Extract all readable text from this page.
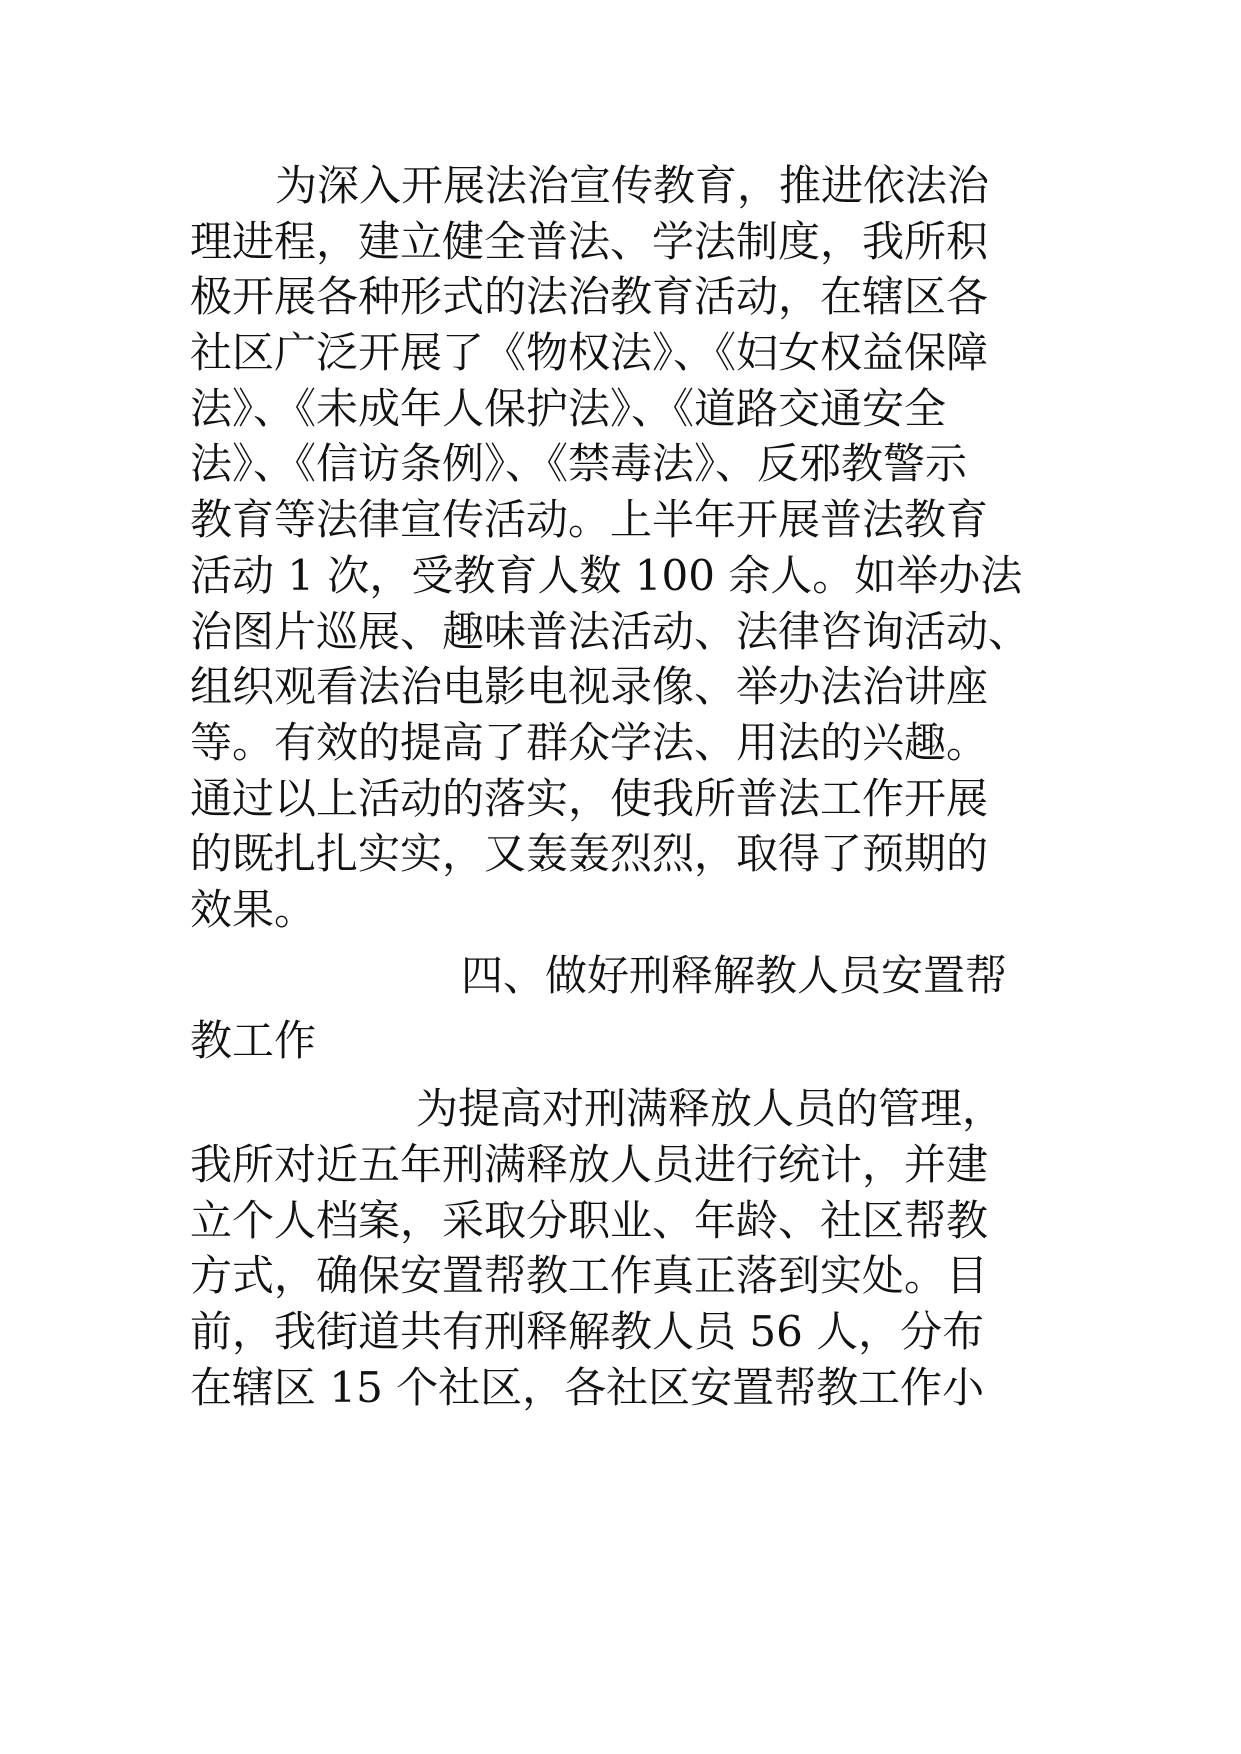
为深入开展法治宣传教育，推进依法治

理进程，建立健全普法、学法制度，我所积

极开展各种形式的法治教育活动，在辖区各

社区广泛开展了《物权法》、《妇女权益保障

法》、《未成年人保护法》、《道路交通安全

法》、《信访条例》、《禁毒法》、反邪教警示

教育等法律宣传活动。上半年开展普法教育

活动 1 次，受教育人数 100 余人。如举办法

治图片巡展、趣味普法活动、法律咨询活动、

组织观看法治电影电视录像、举办法治讲座

等。有效的提高了群众学法、用法的兴趣。

通过以上活动的落实，使我所普法工作开展

的既扎扎实实，又轰轰烈烈，取得了预期的

效果。

四、做好刑释解教人员安置帮

教工作

为提高对刑满释放人员的管理，

我所对近五年刑满释放人员进行统计，并建

立个人档案，采取分职业、年龄、社区帮教

方式，确保安置帮教工作真正落到实处。目

前，我街道共有刑释解教人员 56 人，分布

在辖区 15 个社区，各社区安置帮教工作小
